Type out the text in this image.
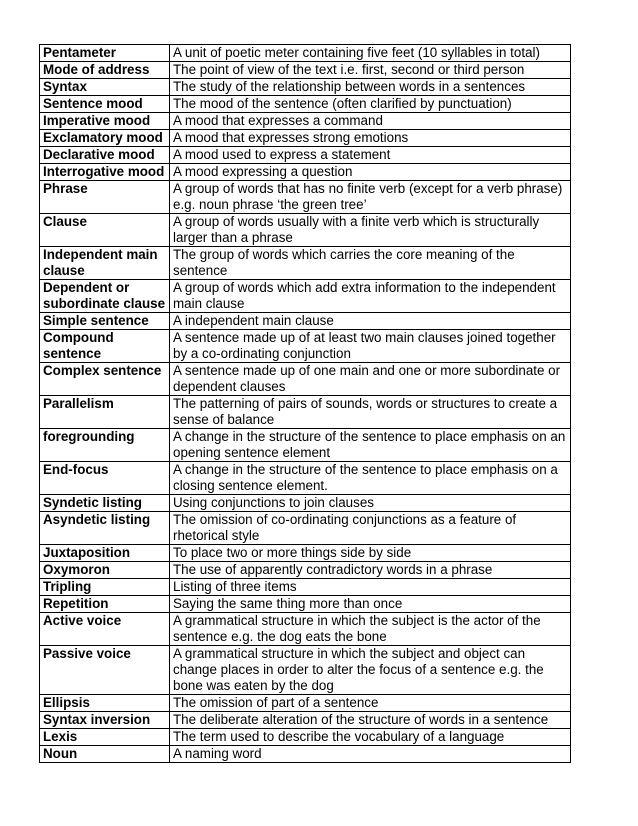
Pentameter	A unit of poetic meter containing five feet (10 syllables in total)
Mode of address	The point of view of the text i.e. first, second or third person
Syntax	The study of the relationship between words in a sentences
Sentence mood	The mood of the sentence (often clarified by punctuation)
Imperative mood	A mood that expresses a command
Exclamatory mood	A mood that expresses strong emotions
Declarative mood	A mood used to express a statement
Interrogative mood	A mood expressing a question
Phrase	A group of words that has no finite verb (except for a verb phrase) e.g. noun phrase ‘the green tree’
Clause	A group of words usually with a finite verb which is structurally larger than a phrase
Independent main clause	The group of words which carries the core meaning of the sentence
Dependent or subordinate clause	A group of words which add extra information to the independent main clause
Simple sentence	A independent main clause
Compound sentence	A sentence made up of at least two main clauses joined together by a co-ordinating conjunction
Complex sentence	A sentence made up of one main and one or more subordinate or dependent clauses
Parallelism	The patterning of pairs of sounds, words or structures to create a sense of balance
foregrounding	A change in the structure of the sentence to place emphasis on an opening sentence element
End-focus	A change in the structure of the sentence to place emphasis on a closing sentence element.
Syndetic listing	Using conjunctions to join clauses
Asyndetic listing	The omission of co-ordinating conjunctions as a feature of rhetorical style
Juxtaposition	To place two or more things side by side
Oxymoron	The use of apparently contradictory words in a phrase
Tripling	Listing of three items
Repetition	Saying the same thing more than once
Active voice	A grammatical structure in which the subject is the actor of the sentence e.g. the dog eats the bone
Passive voice	A grammatical structure in which the subject and object can change places in order to alter the focus of a sentence e.g. the bone was eaten by the dog
Ellipsis	The omission of part of a sentence
Syntax inversion	The deliberate alteration of the structure of words in a sentence
Lexis	The term used to describe the vocabulary of a language
Noun	A naming word
